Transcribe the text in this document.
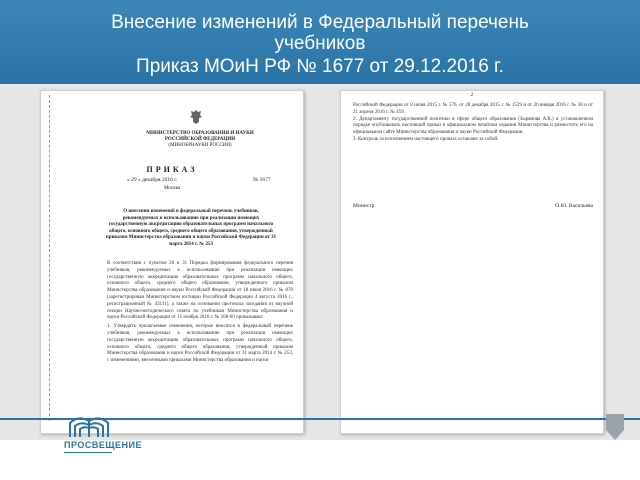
Внесение изменений в Федеральный перечень
учебников
Приказ МОиН РФ № 1677 от 29.12.2016 г.
МИНИСТЕРСТВО ОБРАЗОВАНИЯ И НАУКИ
РОССИЙСКОЙ ФЕДЕРАЦИИ
(МИНОБРНАУКИ РОССИИ)
ПРИКАЗ
« 29 » декабря 2016 г.	№ 1677
Москва
О внесении изменений в федеральный перечень учебников, рекомендуемых к использованию при реализации имеющих государственную аккредитацию образовательных программ начального общего, основного общего, среднего общего образования, утвержденный приказом Министерства образования и науки Российской Федерации от 31 марта 2014 г. № 253
В соответствии с пунктом 26 и 31 Порядка формирования федерального перечня учебников, рекомендуемых к использованию при реализации имеющих государственную аккредитацию образовательных программ начального общего, основного общего, среднего общего образования, утвержденного приказом Министерства образования и науки Российской Федерации от 18 июля 2016 г. № 870 (зарегистрирован Министерством юстиции Российской Федерации 4 августа 2016 г., регистрационный № 43111), а также на основании протокола заседания от научной секции Научно-методического совета по учебникам Министерства образования и науки Российской Федерации от 15 ноября 2016 г. № 108-60 приказываю:
1. Утвердить прилагаемые изменения, которые вносятся в федеральный перечень учебников, рекомендуемых к использованию при реализации имеющих государственную аккредитацию образовательных программ начального общего, основного общего, среднего общего образования, утвержденный приказом Министерства образования и науки Российской Федерации от 31 марта 2014 г. № 253, с изменениями, внесенными приказами Министерства образования и науки
2
Российской Федерации от 8 июня 2015 г. № 576, от 28 декабря 2015 г. № 1529 и от 26 января 2016 г. № 38 и от 21 апреля 2016 г. № 459.
2. Департаменту государственной политики в сфере общего образования (Зырянова А.В.) в установленном порядке опубликовать настоящий приказ в официальном печатном издании Министерства и разместить его на официальном сайте Министерства образования и науки Российской Федерации.
3. Контроль за исполнением настоящего приказа оставляю за собой.
Министр	О.Ю. Васильева
ПРОСВЕЩЕНИЕ
